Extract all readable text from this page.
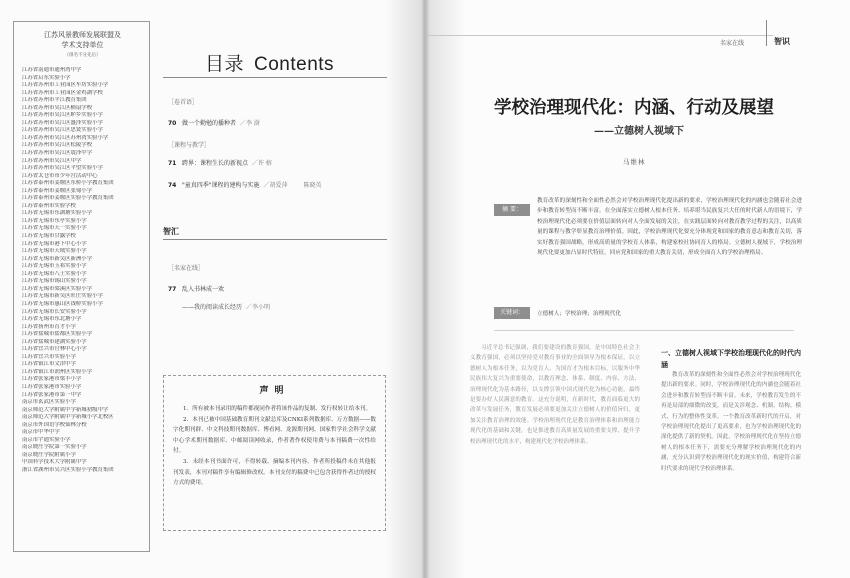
江苏风景教师发展联盟及
学术支持单位
（排名不分先后）
江苏省南通市通州湾中学
江苏省启东实验小学
江苏省苏州市工业园区车坊实验小学
江苏省苏州市工业园区金鸡湖学校
江苏省苏州市平江教育集团
江苏省苏州市吴江区横扇学校
江苏省苏州市吴江区鲈乡实验小学
江苏省苏州市吴江区盛泽实验小学
江苏省苏州市吴江区思贤实验小学
江苏省苏州市吴江区苏州湾实验小学
江苏省苏州市吴江区松陵学校
江苏省苏州市吴江区震泽中学
江苏省苏州市吴江区中学
江苏省苏州市吴江区平望实验小学
江苏省太仓市市少年宫活动中心
江苏省泰州市姜堰区东桥小学教育集团
江苏省泰州市姜堰区张甸小学
江苏省泰州市姜堰区实验小学教育集团
江苏省泰州市实验学校
江苏省无锡市东湖塘实验小学
江苏省无锡市东亭实验小学
江苏省无锡市天一实验小学
江苏省无锡市甘露学校
江苏省无锡市港下中心小学
江苏省无锡市天域实验小学
江苏省无锡市新吴区新洲小学
江苏省无锡市玉祁实验小学
江苏省无锡市八士实验小学
江苏省无锡市锡山实验小学
江苏省无锡市梁溪区实验小学
江苏省无锡市新吴区旺庄实验小学
江苏省无锡市惠山区钱桥实验小学
江苏省无锡市长安实验小学
江苏省无锡市东北塘小学
江苏省扬州市育才小学
江苏省盐城市盐都区实验小学
江苏省盐城市建湖实验小学
江苏省宜兴市官林中心小学
江苏省宜兴市实验小学
江苏省镇江市文津中学
江苏省镇江市润州区实验小学
江苏省张家港市梁丰小学
江苏省张家港市实验小学
江苏省张家港市第一中学
南京市玄武区实验小学
南京师范大学附属中学新城初级中学
南京师范大学附属中学新城小学北校区
南京市外国语学校仙林分校
南京市中华中学
南京市宇通实验小学
南京晓庄学院第一实验小学
南京晓庄学院附属小学
中国科学技术大学附属中学
浙江省湖州市吴兴区实验小学教育集团
目录 Contents
［卷首语］
70 做一个勤勉的播种者 ／李 澍
［课程与教学］
71 跨界：课程生长的新视点 ／许 榕
74 "童真四季"课程的建构与实施 ／胡爱萍	陈晓英
智汇
［名家在线］
77 乱入书林成一欢
——我的阅读成长经历 ／李小明
声明

1．所有被本刊录用的稿件都视同作者将该作品的复制、发行权转让给本刊。

2．本刊已被中国基础教育期刊文献总库及CNKI系列数据库、万方数据——数字化期刊群、中文科技期刊数据库、博看网、龙源期刊网、国家哲学社会科学文献中心学术期刊数据库、中邮阅读网收录，作者著作权使用费与本刊稿费一次性给付。

3．未经本刊书面许可，不得转载、摘编本刊内容。作者所投稿件未在其他报刊发表，本刊对稿件享有编辑修改权。本刊支付的稿费中已包含获得作者过的授权方式的费用。

名家在线	智识
学校治理现代化：内涵、行动及展望
——立德树人视域下
马维林
摘 要：
教育改革的深刻性和全面性必然会对学校治理现代化提出新的要求，学校治理现代化的内涵也会随着社会进步和教育转型而不断丰富。在全面落实立德树人根本任务、培养堪当民族复兴大任的时代新人的语境下，学校治理现代化必须要在价值层面转向对人全面发展的关注，在实践层面转向对教育教学过程的关注，以高质量的课程与教学彰显教育治理价值。因此，学校治理现代化要充分体现党和国家的教育意志和教育关切，落实好教育强国战略，形成高质量的学校育人体系，构建家校社协同育人的格局。立德树人视域下，学校治理现代化要更加凸显时代特征，回应党和国家的重大教育关切，形成全面育人的学校治理格局。
关键词：	立德树人；学校治理；治理现代化

习近平总书记强调，我们要建设的教育强国，是中国特色社会主义教育强国，必须以坚持党对教育事业的全面领导为根本保证，以立德树人为根本任务，以为党育人、为国育才为根本目标，以服务中华民族伟大复兴为重要使命，以教育理念、体系、制度、内容、方法、治理现代化为基本路径，以支撑引领中国式现代化为核心功能，最终是要办好人民满意的教育。这充分说明，在新时代，教育面临更大的改革与发展任务，教育发展必须要更加关注立德树人的价值旨归，更加关注教育治理的效能。学校治理现代化是教育治理体系和治理能力现代化的基础和关键，也是推进教育高质量发展的重要支撑，提升学校治理现代化的水平，构建现代化学校治理体系。

一、立德树人视域下学校治理现代化的时代内涵

教育改革的深刻性和全面性必然会对学校治理现代化提出新的要求。同时，学校治理现代化的内涵也会随着社会进步和教育转型而不断丰富。未来，学校教育发生的不再是局部的细微的改变，而是关涉观念、机制、结构、模式、行为的整体性变革。一个教育改革新时代的开启，对学校治理现代化提出了更高要求，也为学校治理现代化的深化提供了新的契机。因此，学校治理现代化在坚持立德树人的根本任务下，需要充分理解学校治理现代化的内涵，充分认识到学校治理现代化的现实价值，构建符合新时代要求的现代学校治理体系。
